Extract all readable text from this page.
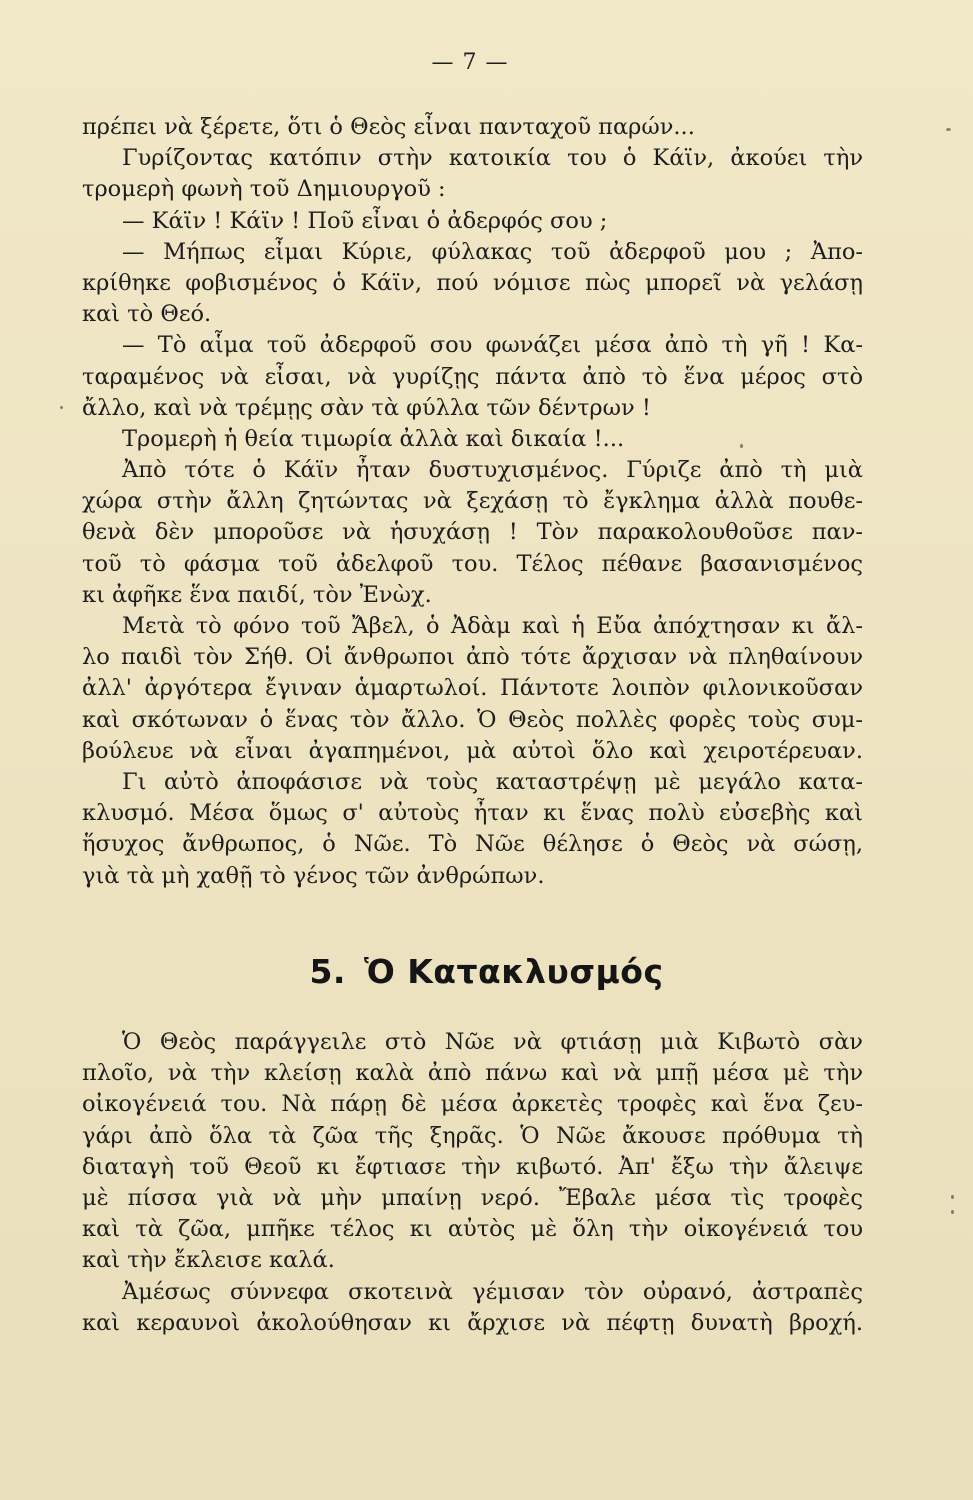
— 7 —
πρέπει νὰ ξέρετε, ὅτι ὁ Θεὸς εἶναι πανταχοῦ παρών...
Γυρίζοντας κατόπιν στὴν κατοικία του ὁ Κάϊν, ἀκούει τὴν
τρομερὴ φωνὴ τοῦ Δημιουργοῦ :
— Κάϊν ! Κάϊν ! Ποῦ εἶναι ὁ ἀδερφός σου ;
— Μήπως εἶμαι Κύριε, φύλακας τοῦ ἀδερφοῦ μου ; Ἀπο-
κρίθηκε φοβισμένος ὁ Κάϊν, πού νόμισε πὼς μπορεῖ νὰ γελάσῃ
καὶ τὸ Θεό.
— Τὸ αἷμα τοῦ ἀδερφοῦ σου φωνάζει μέσα ἀπὸ τὴ γῆ ! Κα-
ταραμένος νὰ εἶσαι, νὰ γυρίζῃς πάντα ἀπὸ τὸ ἕνα μέρος στὸ
ἄλλο, καὶ νὰ τρέμῃς σὰν τὰ φύλλα τῶν δέντρων !
Τρομερὴ ἡ θεία τιμωρία ἀλλὰ καὶ δικαία !...
Ἀπὸ τότε ὁ Κάϊν ἦταν δυστυχισμένος. Γύριζε ἀπὸ τὴ μιὰ
χώρα στὴν ἄλλη ζητώντας νὰ ξεχάσῃ τὸ ἔγκλημα ἀλλὰ πουθε-
θενὰ δὲν μποροῦσε νὰ ἡσυχάσῃ ! Τὸν παρακολουθοῦσε παν-
τοῦ τὸ φάσμα τοῦ ἀδελφοῦ του. Τέλος πέθανε βασανισμένος
κι ἀφῆκε ἕνα παιδί, τὸν Ἐνὼχ.
Μετὰ τὸ φόνο τοῦ Ἄβελ, ὁ Ἀδὰμ καὶ ἡ Εὔα ἀπόχτησαν κι ἄλ-
λο παιδὶ τὸν Σήθ. Οἱ ἄνθρωποι ἀπὸ τότε ἄρχισαν νὰ πληθαίνουν
ἀλλ' ἀργότερα ἔγιναν ἁμαρτωλοί. Πάντοτε λοιπὸν φιλονικοῦσαν
καὶ σκότωναν ὁ ἕνας τὸν ἄλλο. Ὁ Θεὸς πολλὲς φορὲς τοὺς συμ-
βούλευε νὰ εἶναι ἀγαπημένοι, μὰ αὐτοὶ ὅλο καὶ χειροτέρευαν.
Γι αὐτὸ ἀποφάσισε νὰ τοὺς καταστρέψῃ μὲ μεγάλο κατα-
κλυσμό. Μέσα ὅμως σ' αὐτοὺς ἦταν κι ἕνας πολὺ εὐσεβὴς καὶ
ἥσυχος ἄνθρωπος, ὁ Νῶε. Τὸ Νῶε θέλησε ὁ Θεὸς νὰ σώσῃ,
γιὰ τὰ μὴ χαθῇ τὸ γένος τῶν ἀνθρώπων.
5. Ὁ Κατακλυσμός
Ὁ Θεὸς παράγγειλε στὸ Νῶε νὰ φτιάσῃ μιὰ Κιβωτὸ σὰν
πλοῖο, νὰ τὴν κλείσῃ καλὰ ἀπὸ πάνω καὶ νὰ μπῇ μέσα μὲ τὴν
οἰκογένειά του. Νὰ πάρῃ δὲ μέσα ἀρκετὲς τροφὲς καὶ ἕνα ζευ-
γάρι ἀπὸ ὅλα τὰ ζῶα τῆς ξηρᾶς. Ὁ Νῶε ἄκουσε πρόθυμα τὴ
διαταγὴ τοῦ Θεοῦ κι ἔφτιασε τὴν κιβωτό. Ἀπ' ἔξω τὴν ἄλειψε
μὲ πίσσα γιὰ νὰ μὴν μπαίνῃ νερό. Ἔβαλε μέσα τὶς τροφὲς
καὶ τὰ ζῶα, μπῆκε τέλος κι αὐτὸς μὲ ὅλη τὴν οἰκογένειά του
καὶ τὴν ἔκλεισε καλά.
Ἀμέσως σύννεφα σκοτεινὰ γέμισαν τὸν οὐρανό, ἀστραπὲς
καὶ κεραυνοὶ ἀκολούθησαν κι ἄρχισε νὰ πέφτῃ δυνατὴ βροχή.
